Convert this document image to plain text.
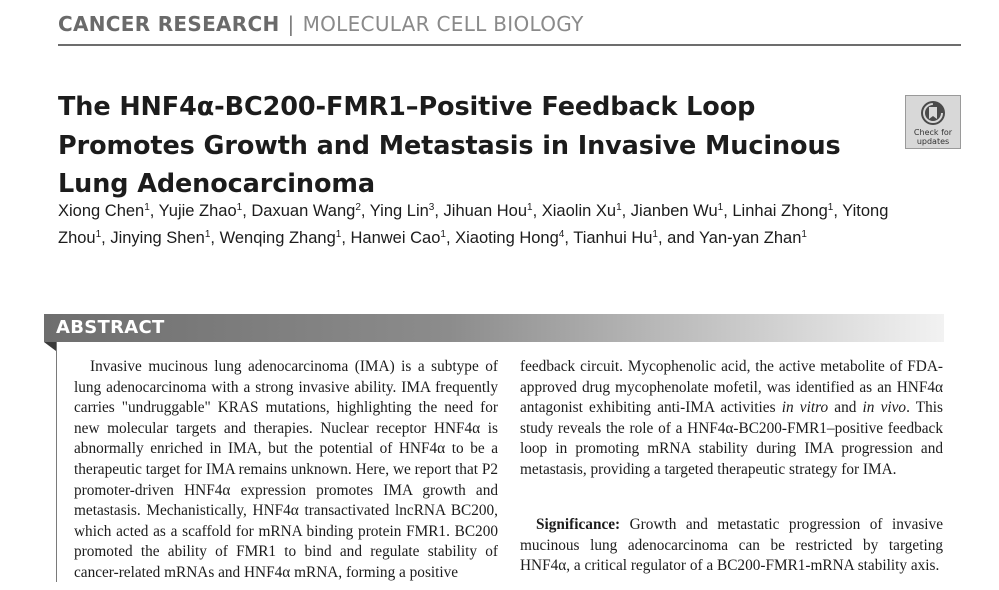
CANCER RESEARCH | MOLECULAR CELL BIOLOGY
The HNF4α-BC200-FMR1–Positive Feedback Loop Promotes Growth and Metastasis in Invasive Mucinous Lung Adenocarcinoma
Check for updates
Xiong Chen$^1$, Yujie Zhao$^1$, Daxuan Wang$^2$, Ying Lin$^3$, Jihuan Hou$^1$, Xiaolin Xu$^1$, Jianben Wu$^1$, Linhai Zhong$^1$, Yitong Zhou$^1$, Jinying Shen$^1$, Wenqing Zhang$^1$, Hanwei Cao$^1$, Xiaoting Hong$^4$, Tianhui Hu$^1$, and Yan-yan Zhan$^1$
ABSTRACT

Invasive mucinous lung adenocarcinoma (IMA) is a subtype of lung adenocarcinoma with a strong invasive ability. IMA frequently carries "undruggable" KRAS mutations, highlighting the need for new molecular targets and therapies. Nuclear receptor HNF4α is abnormally enriched in IMA, but the potential of HNF4α to be a therapeutic target for IMA remains unknown. Here, we report that P2 promoter-driven HNF4α expression promotes IMA growth and metastasis. Mechanistically, HNF4α transactivated lncRNA BC200, which acted as a scaffold for mRNA binding protein FMR1. BC200 promoted the ability of FMR1 to bind and regulate stability of cancer-related mRNAs and HNF4α mRNA, forming a positive

feedback circuit. Mycophenolic acid, the active metabolite of FDA-approved drug mycophenolate mofetil, was identified as an HNF4α antagonist exhibiting anti-IMA activities in vitro and in vivo. This study reveals the role of a HNF4α-BC200-FMR1–positive feedback loop in promoting mRNA stability during IMA progression and metastasis, providing a targeted therapeutic strategy for IMA.

Significance: Growth and metastatic progression of invasive mucinous lung adenocarcinoma can be restricted by targeting HNF4α, a critical regulator of a BC200-FMR1-mRNA stability axis.
